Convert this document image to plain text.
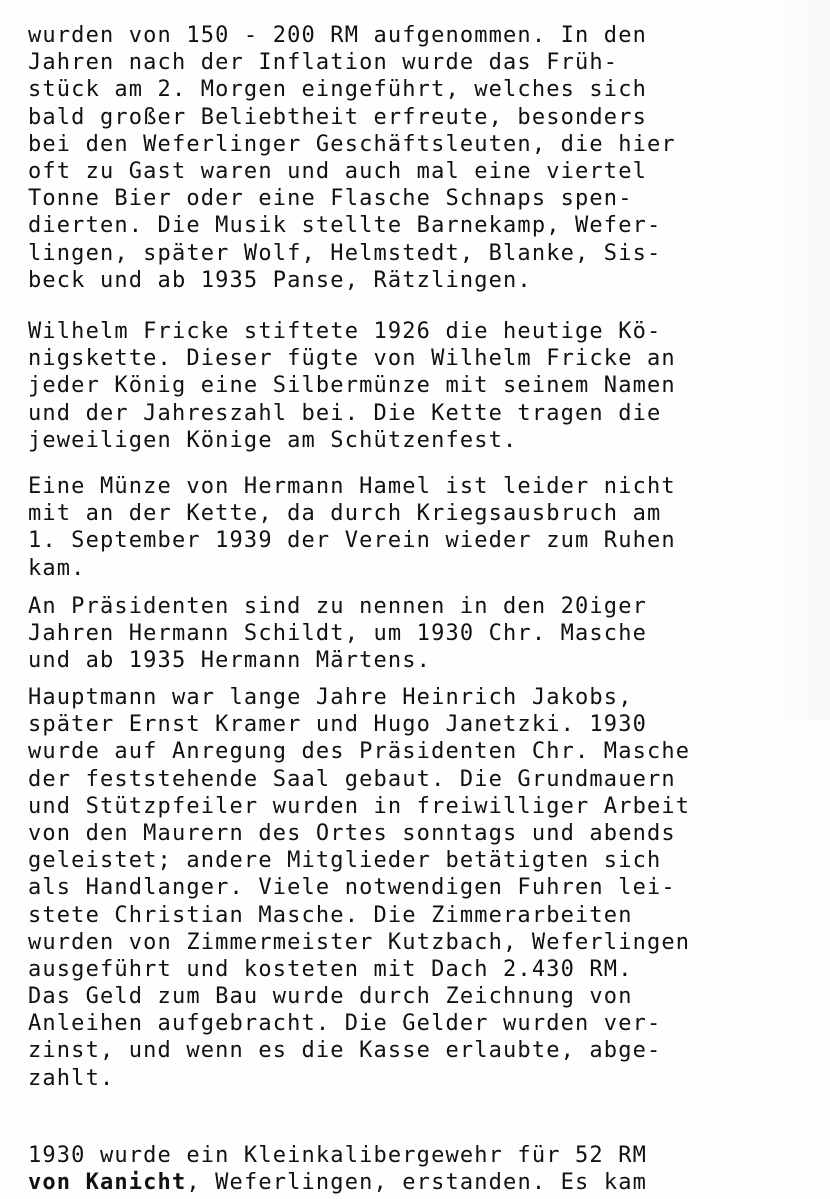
wurden von 150 - 200 RM aufgenommen. In den
Jahren nach der Inflation wurde das Früh-
stück am 2. Morgen eingeführt, welches sich
bald großer Beliebtheit erfreute, besonders
bei den Weferlinger Geschäftsleuten, die hier
oft zu Gast waren und auch mal eine viertel
Tonne Bier oder eine Flasche Schnaps spen-
dierten. Die Musik stellte Barnekamp, Wefer-
lingen, später Wolf, Helmstedt, Blanke, Sis-
beck und ab 1935 Panse, Rätzlingen.
Wilhelm Fricke stiftete 1926 die heutige Kö-
nigskette. Dieser fügte von Wilhelm Fricke an
jeder König eine Silbermünze mit seinem Namen
und der Jahreszahl bei. Die Kette tragen die
jeweiligen Könige am Schützenfest.
Eine Münze von Hermann Hamel ist leider nicht
mit an der Kette, da durch Kriegsausbruch am
1. September 1939 der Verein wieder zum Ruhen
kam.
An Präsidenten sind zu nennen in den 20iger
Jahren Hermann Schildt, um 1930 Chr. Masche
und ab 1935 Hermann Märtens.
Hauptmann war lange Jahre Heinrich Jakobs,
später Ernst Kramer und Hugo Janetzki. 1930
wurde auf Anregung des Präsidenten Chr. Masche
der feststehende Saal gebaut. Die Grundmauern
und Stützpfeiler wurden in freiwilliger Arbeit
von den Maurern des Ortes sonntags und abends
geleistet; andere Mitglieder betätigten sich
als Handlanger. Viele notwendigen Fuhren lei-
stete Christian Masche. Die Zimmerarbeiten
wurden von Zimmermeister Kutzbach, Weferlingen
ausgeführt und kosteten mit Dach 2.430 RM.
Das Geld zum Bau wurde durch Zeichnung von
Anleihen aufgebracht. Die Gelder wurden ver-
zinst, und wenn es die Kasse erlaubte, abge-
zahlt.
1930 wurde ein Kleinkalibergewehr für 52 RM
von Kanicht, Weferlingen, erstanden. Es kam
